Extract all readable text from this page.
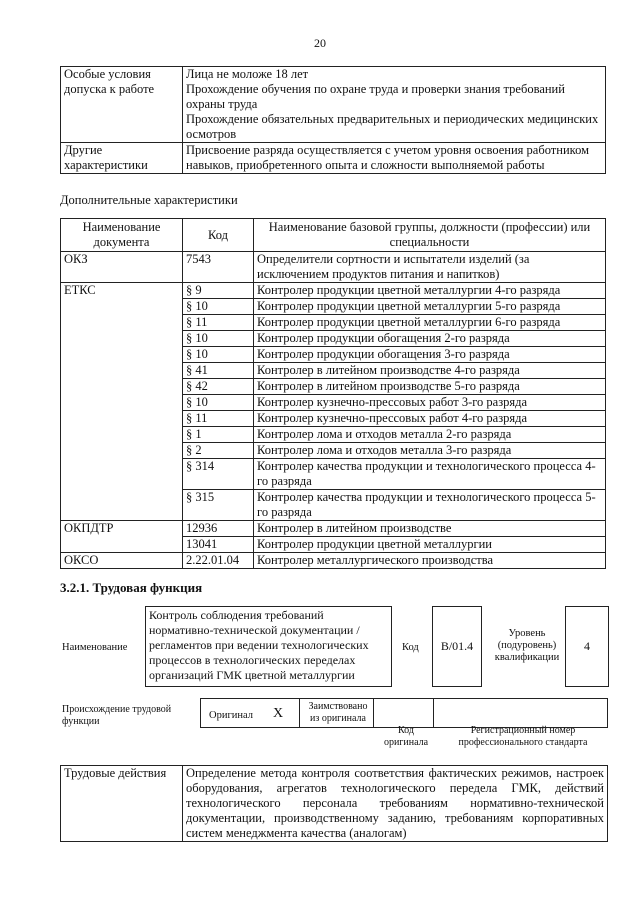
20
Особые условия допуска к работе	Лица не моложе 18 лет
Прохождение обучения по охране труда и проверки знания требований охраны труда
Прохождение обязательных предварительных и периодических медицинских осмотров

Другие характеристики	Присвоение разряда осуществляется с учетом уровня освоения работником навыков, приобретенного опыта и сложности выполняемой работы
Дополнительные характеристики
Наименование документа	Код	Наименование базовой группы, должности (профессии) или специальности
ОКЗ	7543	Определители сортности и испытатели изделий (за исключением продуктов питания и напитков)
ЕТКС	§ 9	Контролер продукции цветной металлургии 4-го разряда
	§ 10	Контролер продукции цветной металлургии 5-го разряда
	§ 11	Контролер продукции цветной металлургии 6-го разряда
	§ 10	Контролер продукции обогащения 2-го разряда
	§ 10	Контролер продукции обогащения 3-го разряда
	§ 41	Контролер в литейном производстве 4-го разряда
	§ 42	Контролер в литейном производстве 5-го разряда
	§ 10	Контролер кузнечно-прессовых работ 3-го разряда
	§ 11	Контролер кузнечно-прессовых работ 4-го разряда
	§ 1	Контролер лома и отходов металла 2-го разряда
	§ 2	Контролер лома и отходов металла 3-го разряда
	§ 314	Контролер качества продукции и технологического процесса 4-го разряда
	§ 315	Контролер качества продукции и технологического процесса 5-го разряда
ОКПДТР	12936	Контролер в литейном производстве
	13041	Контролер продукции цветной металлургии
ОКСО	2.22.01.04	Контролер металлургического производства
3.2.1. Трудовая функция
Наименование
Контроль соблюдения требований нормативно-технической документации / регламентов при ведении технологических процессов в технологических переделах организаций ГМК цветной металлургии
Код B/01.4
Уровень (подуровень) квалификации
4
Происхождение трудовой функции
Оригинал X	Заимствовано из оригинала
Код оригинала
Регистрационный номер профессионального стандарта
Трудовые действия	Определение метода контроля соответствия фактических режимов, настроек оборудования, агрегатов технологического передела ГМК, действий технологического персонала требованиям нормативно-технической документации, производственному заданию, требованиям корпоративных систем менеджмента качества (аналогам)
